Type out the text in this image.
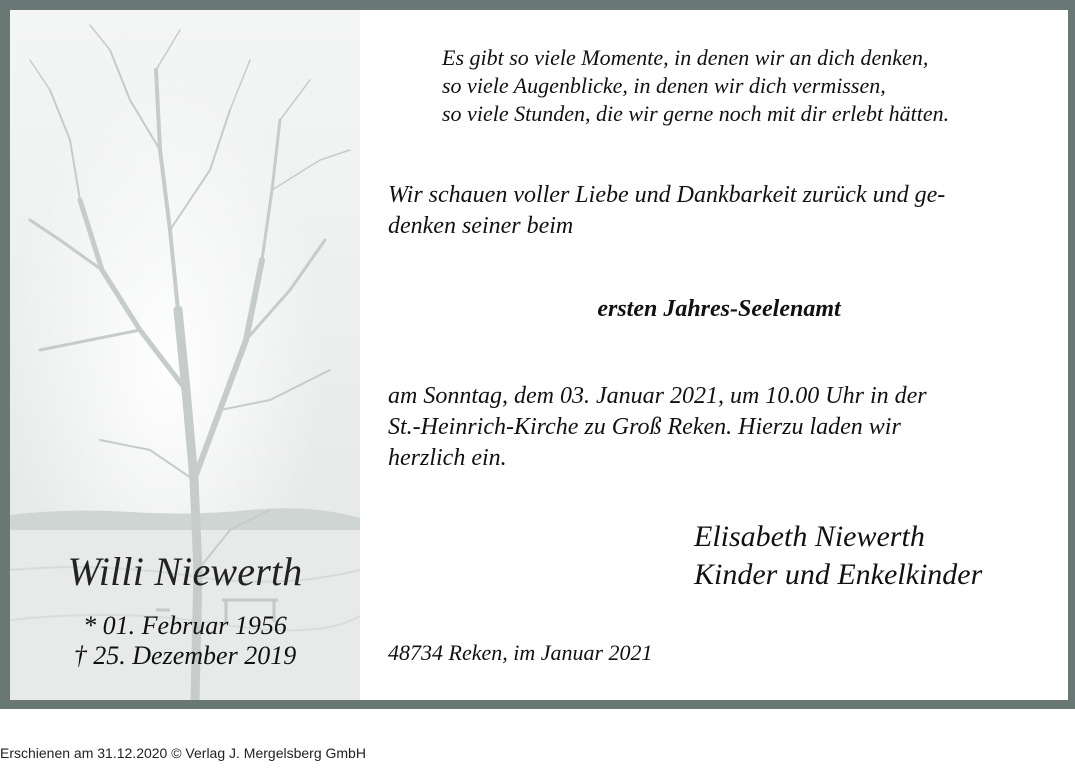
Willi Niewerth
* 01. Februar 1956
† 25. Dezember 2019
Es gibt so viele Momente, in denen wir an dich denken,
so viele Augenblicke, in denen wir dich vermissen,
so viele Stunden, die wir gerne noch mit dir erlebt hätten.
Wir schauen voller Liebe und Dankbarkeit zurück und ge-
denken seiner beim
ersten Jahres-Seelenamt
am Sonntag, dem 03. Januar 2021, um 10.00 Uhr in der
St.-Heinrich-Kirche zu Groß Reken. Hierzu laden wir
herzlich ein.
Elisabeth Niewerth
Kinder und Enkelkinder
48734 Reken, im Januar 2021
Erschienen am 31.12.2020 © Verlag J. Mergelsberg GmbH
